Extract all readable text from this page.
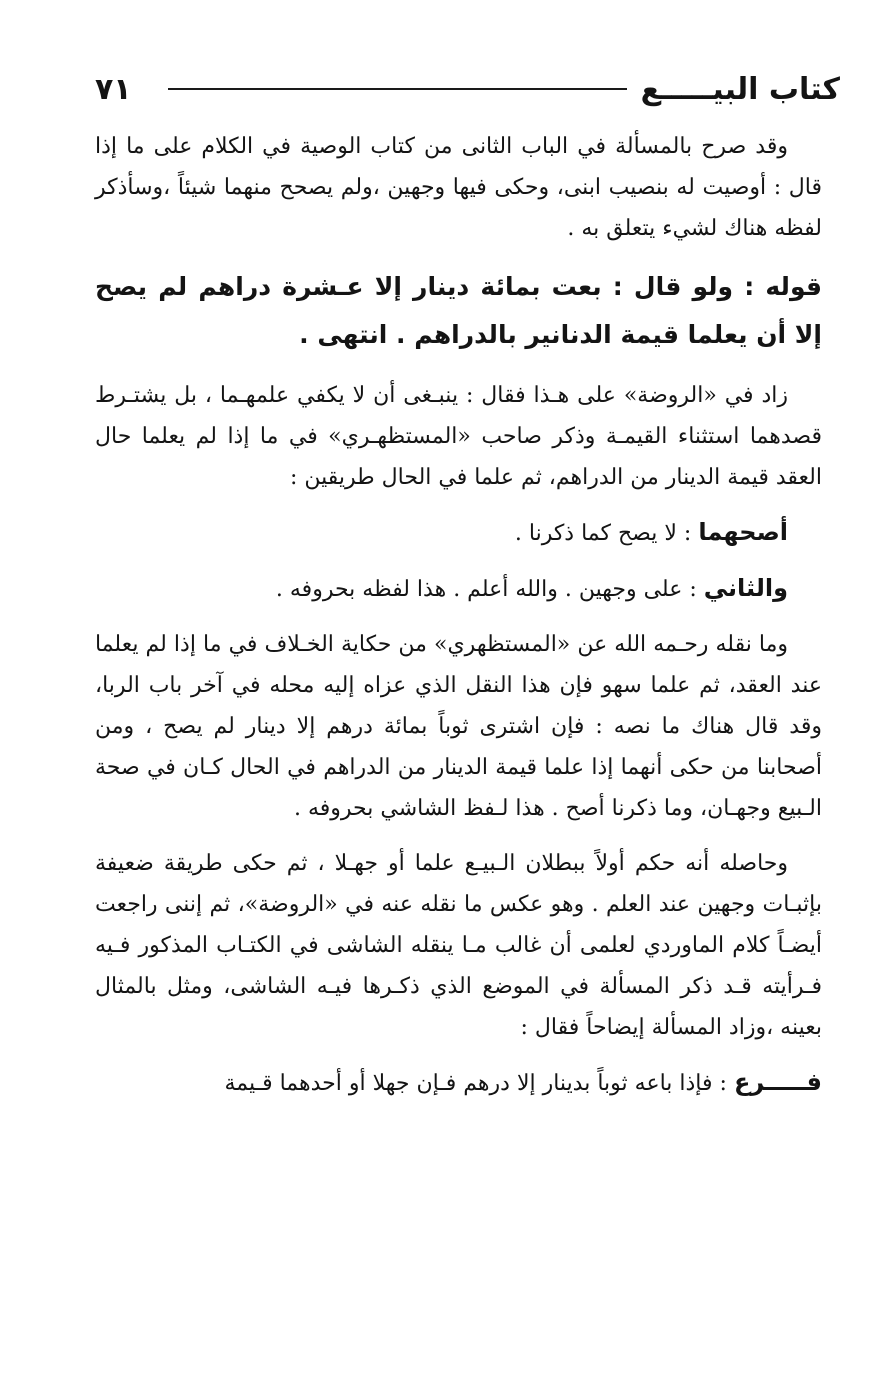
كتاب البيـــــع
٧١

وقد صرح بالمسألة في الباب الثانى من كتاب الوصية في الكلام على ما إذا قال : أوصيت له بنصيب ابنى، وحكى فيها وجهين ،ولم يصحح منهما شيئاً ،وسأذكر لفظه هناك لشيء يتعلق به .

قوله : ولو قال : بعت بمائة دينار إلا عـشرة دراهم لم يصح إلا أن يعلما قيمة الدنانير بالدراهم . انتهى .

زاد في «الروضة» على هـذا فقال : ينبـغى أن لا يكفي علمهـما ، بل يشتـرط قصدهما استثناء القيمـة وذكر صاحب «المستظهـري» في ما إذا لم يعلما حال العقد قيمة الدينار من الدراهم، ثم علما في الحال طريقين :

أصحهما : لا يصح كما ذكرنا .

والثاني : على وجهين . والله أعلم . هذا لفظه بحروفه .

وما نقله رحـمه الله عن «المستظهري» من حكاية الخـلاف في ما إذا لم يعلما عند العقد، ثم علما سهو فإن هذا النقل الذي عزاه إليه محله في آخر باب الربا، وقد قال هناك ما نصه : فإن اشترى ثوباً بمائة درهم إلا دينار لم يصح ، ومن أصحابنا من حكى أنهما إذا علما قيمة الدينار من الدراهم في الحال كـان في صحة الـبيع وجهـان، وما ذكرنا أصح . هذا لـفظ الشاشي بحروفه .

وحاصله أنه حكم أولاً ببطلان الـبيـع علما أو جهـلا ، ثم حكى طريقة ضعيفة بإثبـات وجهين عند العلم . وهو عكس ما نقله عنه في «الروضة»، ثم إننى راجعت أيضـاً كلام الماوردي لعلمى أن غالب مـا ينقله الشاشى في الكتـاب المذكور فـيه فـرأيته قـد ذكر المسألة في الموضع الذي ذكـرها فيـه الشاشى، ومثل بالمثال بعينه ،وزاد المسألة إيضاحاً فقال :

فـــــرع : فإذا باعه ثوباً بدينار إلا درهم فـإن جهلا أو أحدهما قـيمة
